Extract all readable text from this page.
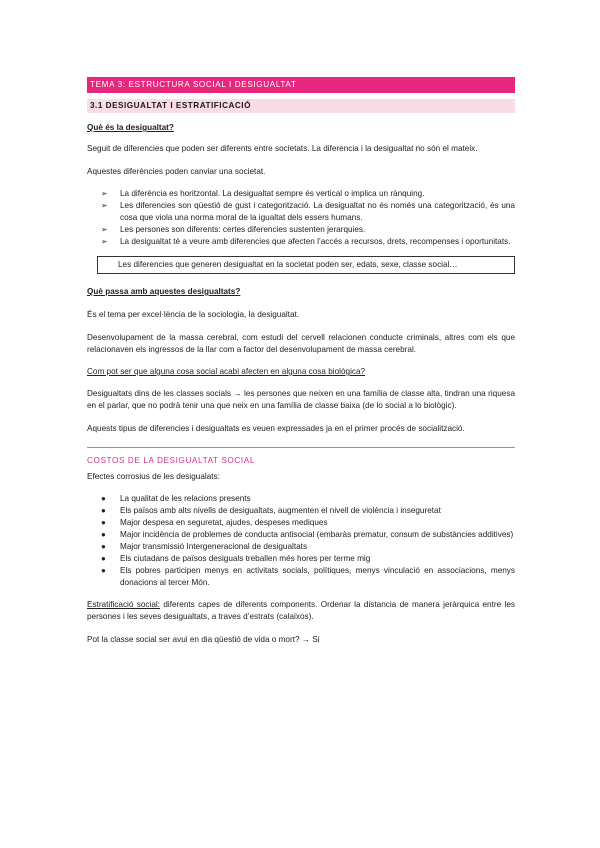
TEMA 3: ESTRUCTURA SOCIAL I DESIGUALTAT
3.1 DESIGUALTAT I ESTRATIFICACIÓ

Què és la desigualtat?

Seguit de diferencies que poden ser diferents entre societats. La diferencia i la desigualtat no són el mateix.

Aquestes diferències poden canviar una societat.

➢ La diferència es horitzontal. La desigualtat sempre és vertical o implica un rànquing.
➢ Les diferencies son qüestió de gust i categorització. La desigualtat no és només una categorització, és una cosa que viola una norma moral de la igualtat dels essers humans.
➢ Les persones son diferents: certes diferencies sustenten jerarquies.
➢ La desigualtat té a veure amb diferencies que afecten l’accés a recursos, drets, recompenses i oportunitats.
Les diferencies que generen desigualtat en la societat poden ser, edats, sexe, classe social…

Què passa amb aquestes desigualtats?

És el tema per excel·lència de la sociologia, la desigualtat.

Desenvolupament de la massa cerebral, com estudi del cervell relacionen conducte criminals, altres com els que relacionaven els ingressos de la llar com a factor del desenvolupament de massa cerebral.

Com pot ser que alguna cosa social acabi afecten en alguna cosa biològica?

Desigualtats dins de les classes socials → les persones que neixen en una família de classe alta, tindran una riquesa en el parlar, que no podrà tenir una que neix en una família de classe baixa (de lo social a lo biològic).

Aquests tipus de diferencies i desigualtats es veuen expressades ja en el primer procés de socialització.

COSTOS DE LA DESIGUALTAT SOCIAL

Efectes corrosius de les desigualats:

● La qualitat de les relacions presents
● Els països amb alts nivells de desigualtats, augmenten el nivell de violència i inseguretat
● Major despesa en seguretat, ajudes, despeses mediques
● Major incidència de problemes de conducta antisocial (embaràs prematur, consum de substàncies additives)
● Major transmissió Intergeneracional de desigualtats
● Els ciutadans de països desiguals treballen més hores per terme mig
● Els pobres participen menys en activitats socials, polítiques, menys vinculació en associacions, menys donacions al tercer Món.

Estratificació social: diferents capes de diferents components. Ordenar la distancia de manera jeràrquica entre les persones i les seves desigualtats, a traves d’estrats (calaixos).

Pot la classe social ser avui en dia qüestió de vida o mort? → Si
